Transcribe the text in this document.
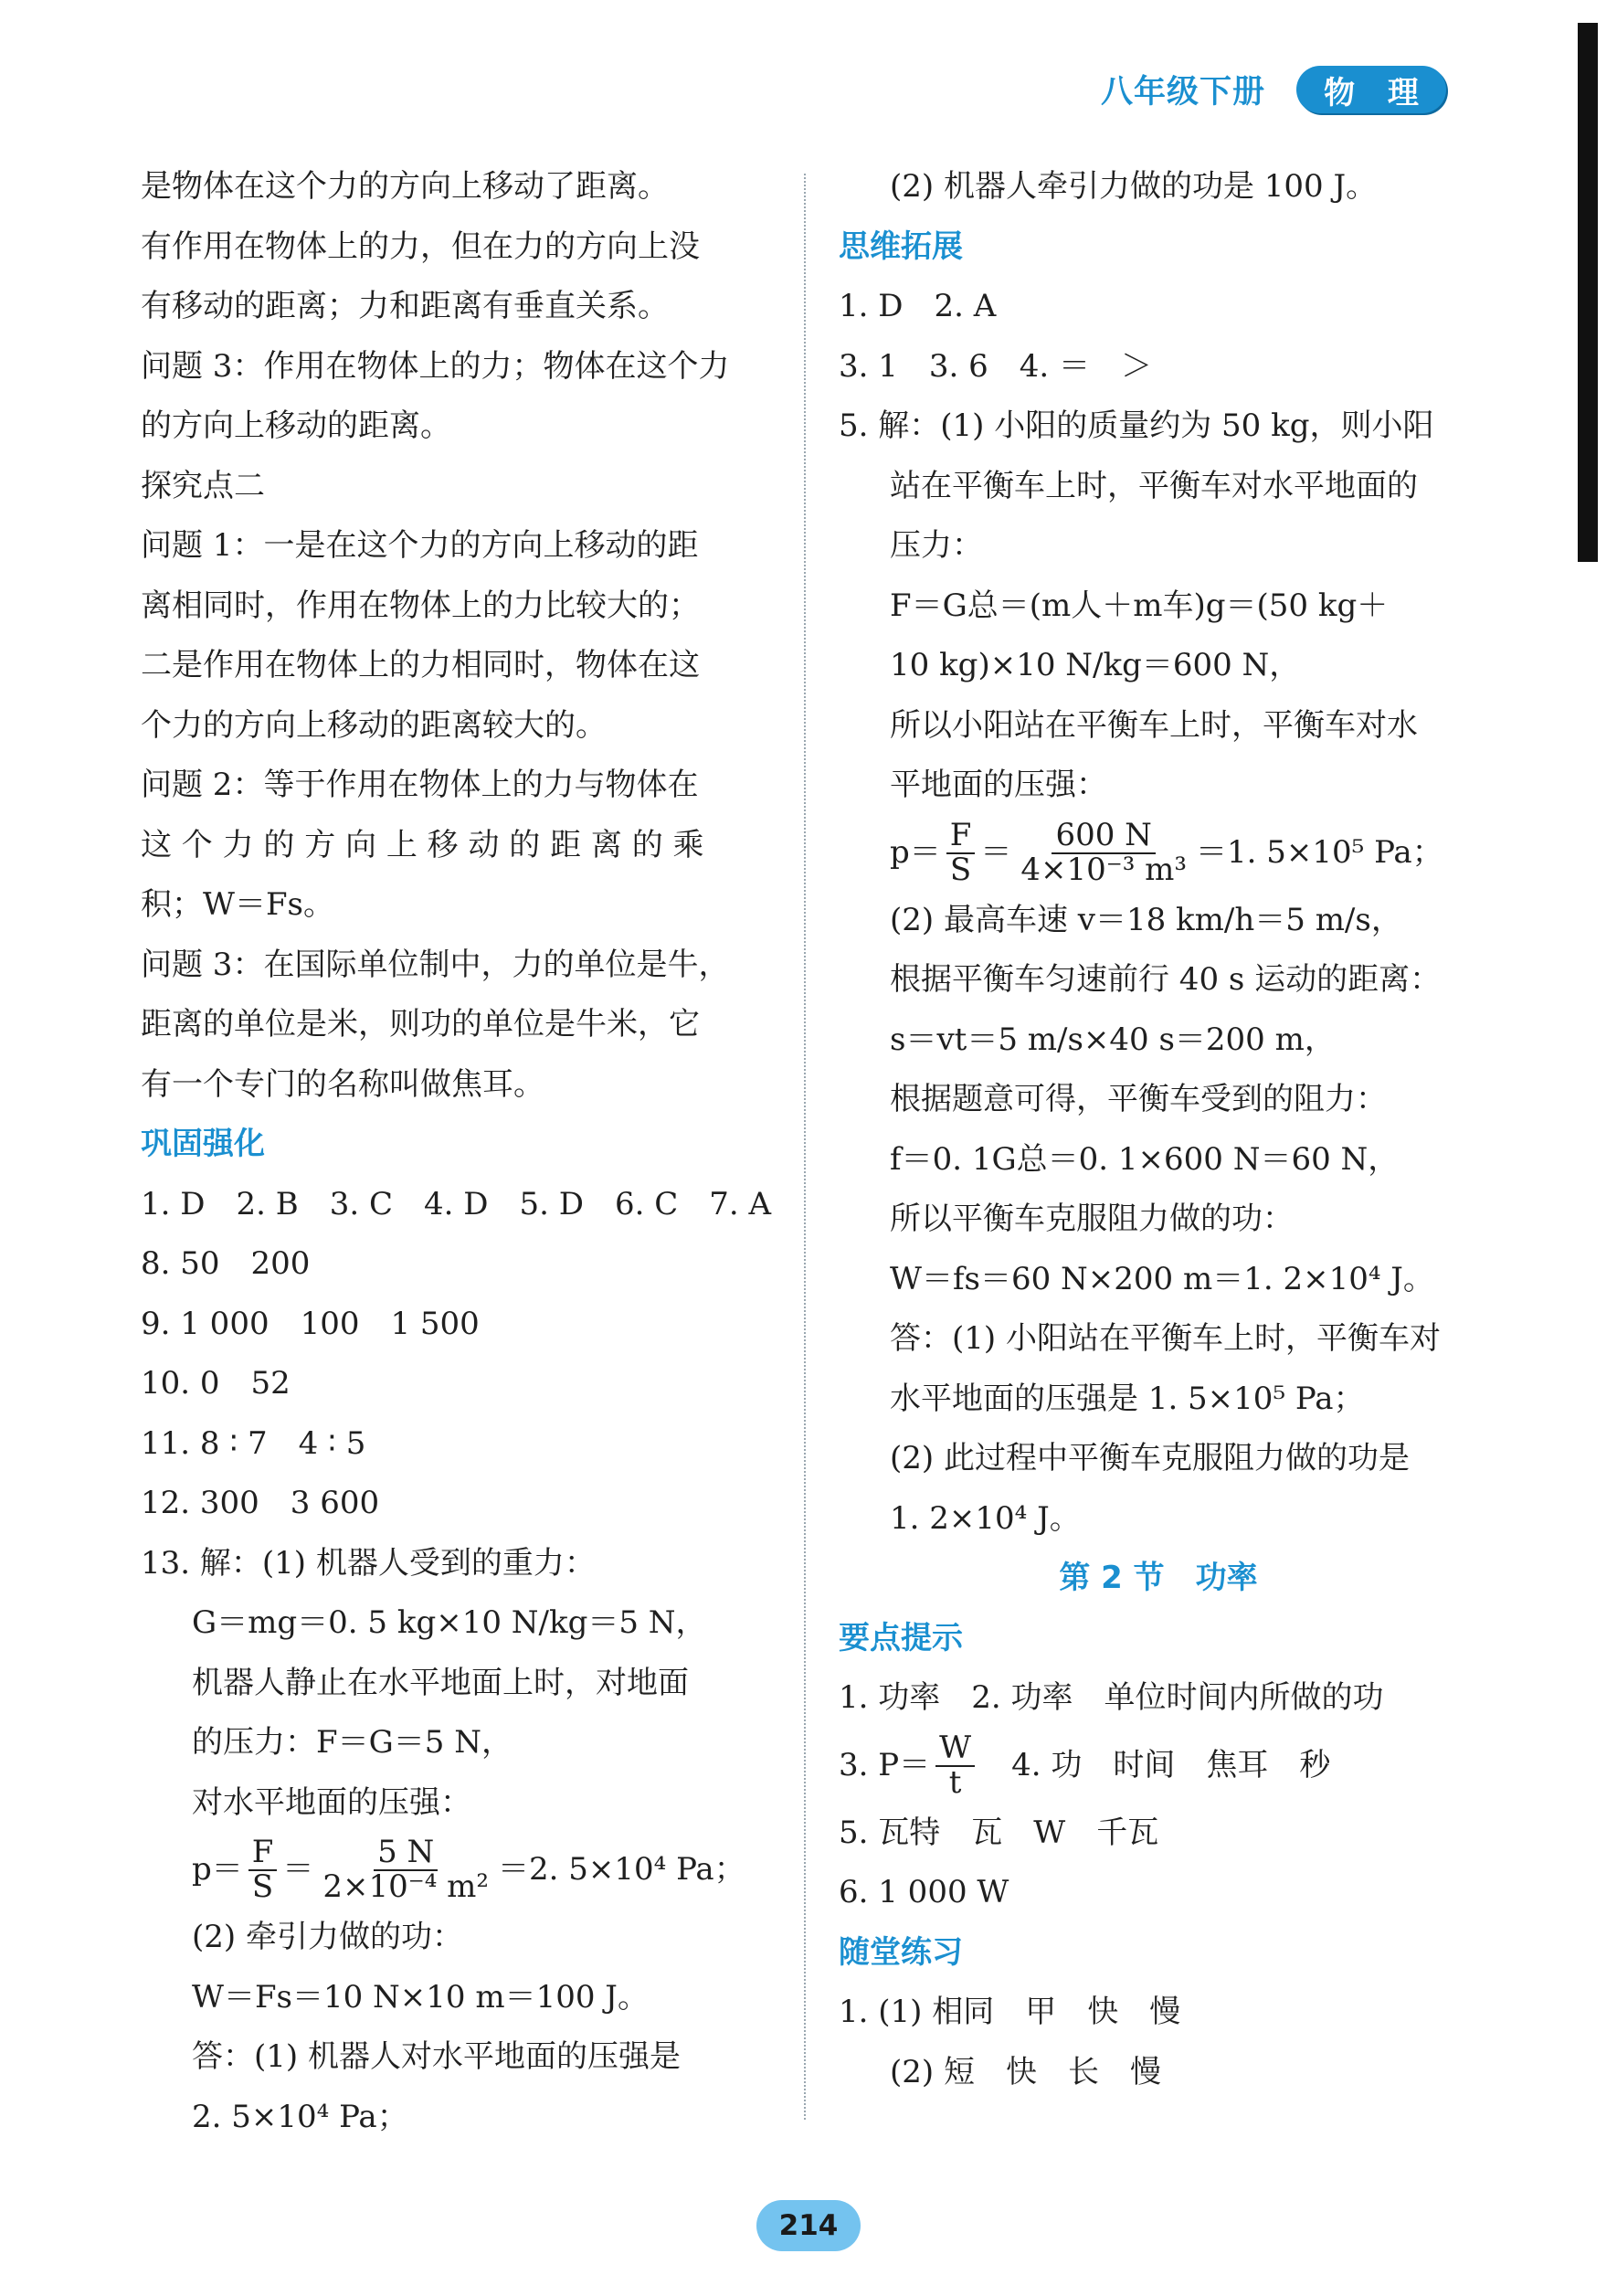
八年级下册	物 理
是物体在这个力的方向上移动了距离。
有作用在物体上的力，但在力的方向上没
有移动的距离；力和距离有垂直关系。
问题 3：作用在物体上的力；物体在这个力
的方向上移动的距离。
探究点二
问题 1：一是在这个力的方向上移动的距
离相同时，作用在物体上的力比较大的；
二是作用在物体上的力相同时，物体在这
个力的方向上移动的距离较大的。
问题 2：等于作用在物体上的力与物体在
这 个 力 的 方 向 上 移 动 的 距 离 的 乘
积；W＝Fs。
问题 3：在国际单位制中，力的单位是牛，
距离的单位是米，则功的单位是牛米，它
有一个专门的名称叫做焦耳。
巩固强化
1. D　2. B　3. C　4. D　5. D　6. C　7. A
8. 50　200
9. 1 000　100　1 500
10. 0　52
11. 8 ∶ 7　4 ∶ 5
12. 300　3 600
13. 解：(1) 机器人受到的重力：
G＝mg＝0. 5 kg×10 N/kg＝5 N，
机器人静止在水平地面上时，对地面
的压力：F＝G＝5 N，
对水平地面的压强：
$p= \frac{F}{S} = \frac{5 N}{\text{2×10⁻⁴ m²}} =2$. 5×10⁴ Pa；
(2) 牵引力做的功：
W＝Fs＝10 N×10 m＝100 J。
答：(1) 机器人对水平地面的压强是
2. 5×10⁴ Pa；
(2) 机器人牵引力做的功是 100 J。
思维拓展
1. D　2. A
3. 1　3. 6　4. ＝　＞
5. 解：(1) 小阳的质量约为 50 kg，则小阳
站在平衡车上时，平衡车对水平地面的
压力：
F＝G总＝(m人＋m车)g＝(50 kg＋
10 kg)×10 N/kg＝600 N，
所以小阳站在平衡车上时，平衡车对水
平地面的压强：
$p= \frac{F}{S} = \frac{600 N}{\text{4×10⁻³ m³}} =1$. 5×10⁵ Pa；
(2) 最高车速 v＝18 km/h＝5 m/s，
根据平衡车匀速前行 40 s 运动的距离：
s＝vt＝5 m/s×40 s＝200 m，
根据题意可得，平衡车受到的阻力：
f＝0. 1G总＝0. 1×600 N＝60 N，
所以平衡车克服阻力做的功：
W＝fs＝60 N×200 m＝1. 2×10⁴ J。
答：(1) 小阳站在平衡车上时，平衡车对
水平地面的压强是 1. 5×10⁵ Pa；
(2) 此过程中平衡车克服阻力做的功是
1. 2×10⁴ J。
第 2 节　功率
要点提示
1. 功率　2. 功率　单位时间内所做的功
3. $P= \frac{W}{t}$ 　4. 功　时间　焦耳　秒
5. 瓦特　瓦　W　千瓦
6. 1 000 W
随堂练习
1. (1) 相同　甲　快　慢
(2) 短　快　长　慢
214
